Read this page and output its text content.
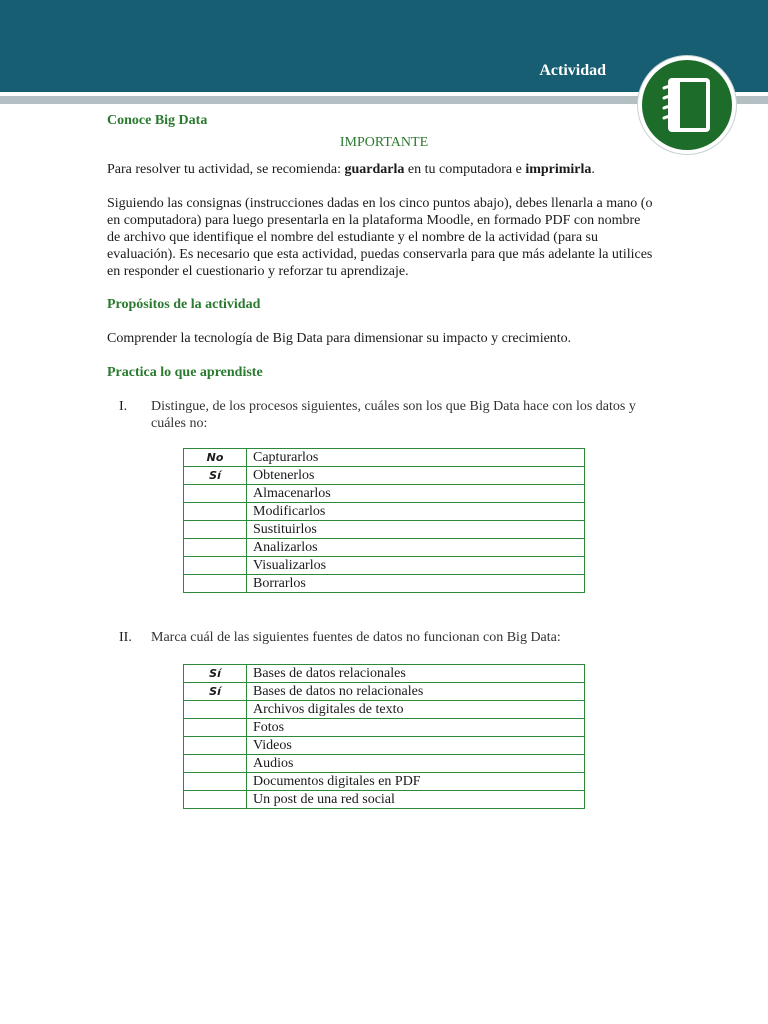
Actividad
Conoce Big Data
IMPORTANTE

Para resolver tu actividad, se recomienda: guardarla en tu computadora e imprimirla.

Siguiendo las consignas (instrucciones dadas en los cinco puntos abajo), debes llenarla a mano (o en computadora) para luego presentarla en la plataforma Moodle, en formado PDF con nombre de archivo que identifique el nombre del estudiante y el nombre de la actividad (para su evaluación). Es necesario que esta actividad, puedas conservarla para que más adelante la utilices en responder el cuestionario y reforzar tu aprendizaje.

Propósitos de la actividad

Comprender la tecnología de Big Data para dimensionar su impacto y crecimiento.

Practica lo que aprendiste
I. Distingue, de los procesos siguientes, cuáles son los que Big Data hace con los datos y cuáles no:
No	Capturarlos
Sí	Obtenerlos
	Almacenarlos
	Modificarlos
	Sustituirlos
	Analizarlos
	Visualizarlos
	Borrarlos
II. Marca cuál de las siguientes fuentes de datos no funcionan con Big Data:
Sí	Bases de datos relacionales
Sí	Bases de datos no relacionales
	Archivos digitales de texto
	Fotos
	Videos
	Audios
	Documentos digitales en PDF
	Un post de una red social
